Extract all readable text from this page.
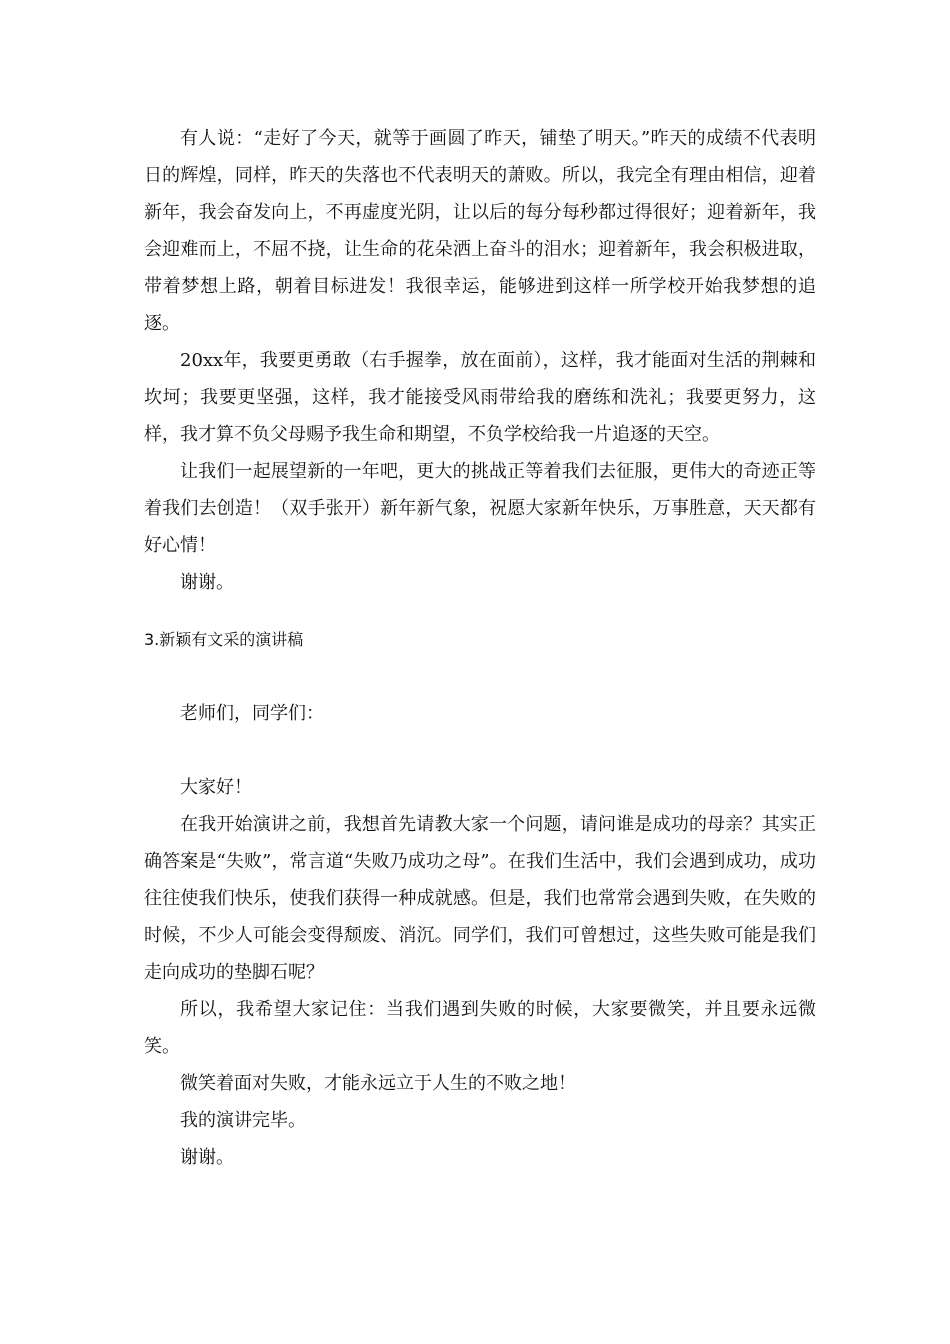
有人说：“走好了今天，就等于画圆了昨天，铺垫了明天。”昨天的成绩不代表明日的辉煌，同样，昨天的失落也不代表明天的萧败。所以，我完全有理由相信，迎着新年，我会奋发向上，不再虚度光阴，让以后的每分每秒都过得很好；迎着新年，我会迎难而上，不屈不挠，让生命的花朵洒上奋斗的泪水；迎着新年，我会积极进取，带着梦想上路，朝着目标进发！我很幸运，能够进到这样一所学校开始我梦想的追逐。

20xx年，我要更勇敢（右手握拳，放在面前），这样，我才能面对生活的荆棘和坎坷；我要更坚强，这样，我才能接受风雨带给我的磨练和洗礼；我要更努力，这样，我才算不负父母赐予我生命和期望，不负学校给我一片追逐的天空。

让我们一起展望新的一年吧，更大的挑战正等着我们去征服，更伟大的奇迹正等着我们去创造！（双手张开）新年新气象，祝愿大家新年快乐，万事胜意，天天都有好心情！

谢谢。

3.新颖有文采的演讲稿

老师们，同学们：

大家好！

在我开始演讲之前，我想首先请教大家一个问题，请问谁是成功的母亲？其实正确答案是“失败”，常言道“失败乃成功之母”。在我们生活中，我们会遇到成功，成功往往使我们快乐，使我们获得一种成就感。但是，我们也常常会遇到失败，在失败的时候，不少人可能会变得颓废、消沉。同学们，我们可曾想过，这些失败可能是我们走向成功的垫脚石呢？

所以，我希望大家记住：当我们遇到失败的时候，大家要微笑，并且要永远微笑。

微笑着面对失败，才能永远立于人生的不败之地！

我的演讲完毕。

谢谢。
